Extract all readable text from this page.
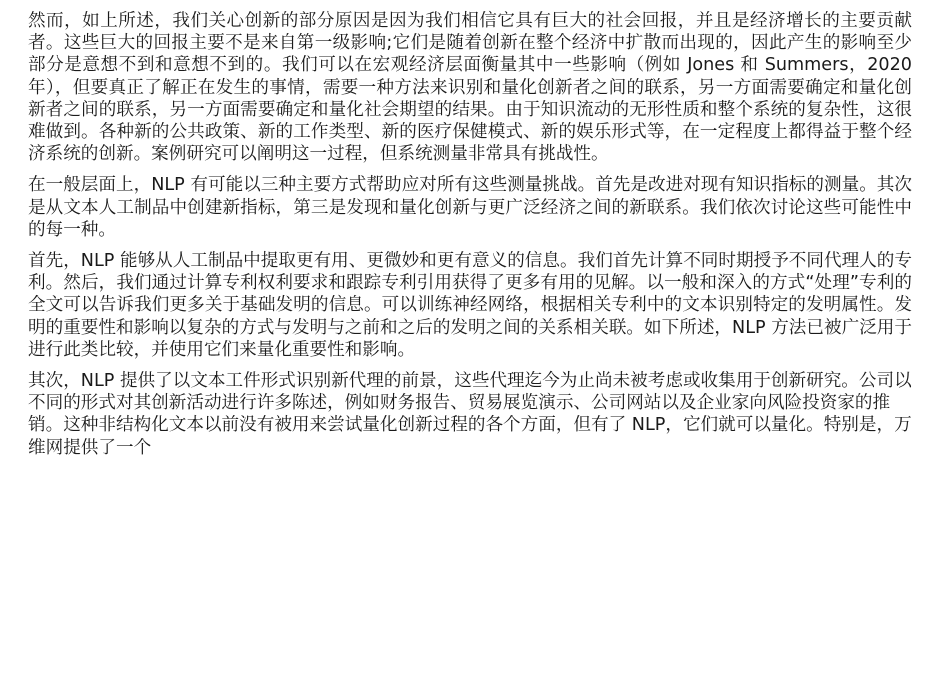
然而，如上所述，我们关心创新的部分原因是因为我们相信它具有巨大的社会回报，并且是经济增长的主要贡献者。这些巨大的回报主要不是来自第一级影响;它们是随着创新在整个经济中扩散而出现的，因此产生的影响至少部分是意想不到和意想不到的。我们可以在宏观经济层面衡量其中一些影响（例如 Jones 和 Summers，2020 年），但要真正了解正在发生的事情，需要一种方法来识别和量化创新者之间的联系，另一方面需要确定和量化创新者之间的联系，另一方面需要确定和量化社会期望的结果。由于知识流动的无形性质和整个系统的复杂性，这很难做到。各种新的公共政策、新的工作类型、新的医疗保健模式、新的娱乐形式等，在一定程度上都得益于整个经济系统的创新。案例研究可以阐明这一过程，但系统测量非常具有挑战性。

在一般层面上，NLP 有可能以三种主要方式帮助应对所有这些测量挑战。首先是改进对现有知识指标的测量。其次是从文本人工制品中创建新指标，第三是发现和量化创新与更广泛经济之间的新联系。我们依次讨论这些可能性中的每一种。

首先，NLP 能够从人工制品中提取更有用、更微妙和更有意义的信息。我们首先计算不同时期授予不同代理人的专利。然后，我们通过计算专利权利要求和跟踪专利引用获得了更多有用的见解。以一般和深入的方式“处理”专利的全文可以告诉我们更多关于基础发明的信息。可以训练神经网络，根据相关专利中的文本识别特定的发明属性。发明的重要性和影响以复杂的方式与发明与之前和之后的发明之间的关系相关联。如下所述，NLP 方法已被广泛用于进行此类比较，并使用它们来量化重要性和影响。

其次，NLP 提供了以文本工件形式识别新代理的前景，这些代理迄今为止尚未被考虑或收集用于创新研究。公司以不同的形式对其创新活动进行许多陈述，例如财务报告、贸易展览演示、公司网站以及企业家向风险投资家的推销。这种非结构化文本以前没有被用来尝试量化创新过程的各个方面，但有了 NLP，它们就可以量化。特别是，万维网提供了一个
